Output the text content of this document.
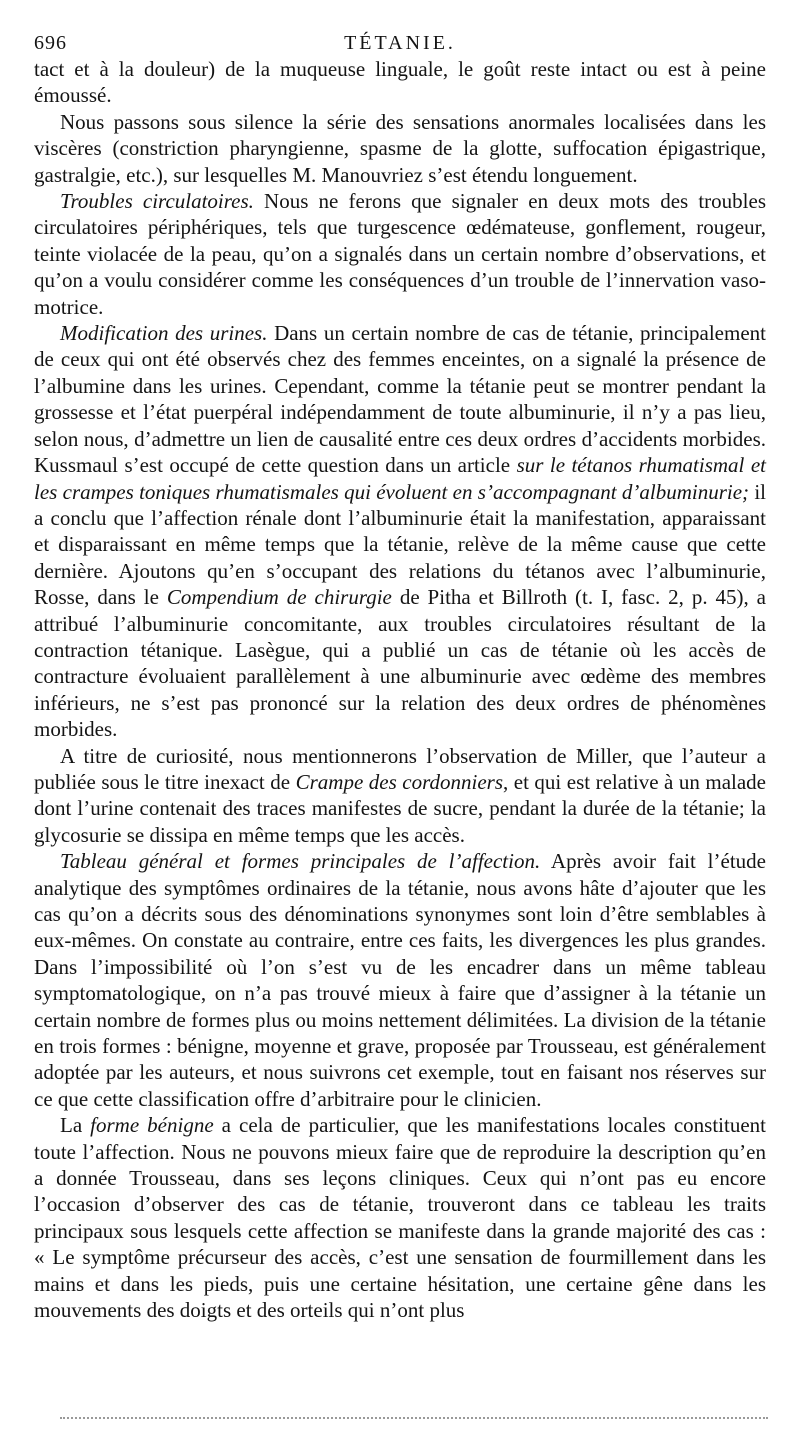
696	TÉTANIE.

tact et à la douleur) de la muqueuse linguale, le goût reste intact ou est à peine émoussé.

Nous passons sous silence la série des sensations anormales localisées dans les viscères (constriction pharyngienne, spasme de la glotte, suffocation épigastrique, gastralgie, etc.), sur lesquelles M. Manouvriez s’est étendu longuement.

Troubles circulatoires. Nous ne ferons que signaler en deux mots des troubles circulatoires périphériques, tels que turgescence œdémateuse, gonflement, rougeur, teinte violacée de la peau, qu’on a signalés dans un certain nombre d’observations, et qu’on a voulu considérer comme les conséquences d’un trouble de l’innervation vaso-motrice.

Modification des urines. Dans un certain nombre de cas de tétanie, principalement de ceux qui ont été observés chez des femmes enceintes, on a signalé la présence de l’albumine dans les urines. Cependant, comme la tétanie peut se montrer pendant la grossesse et l’état puerpéral indépendamment de toute albuminurie, il n’y a pas lieu, selon nous, d’admettre un lien de causalité entre ces deux ordres d’accidents morbides. Kussmaul s’est occupé de cette question dans un article sur le tétanos rhumatismal et les crampes toniques rhumatismales qui évoluent en s’accompagnant d’albuminurie; il a conclu que l’affection rénale dont l’albuminurie était la manifestation, apparaissant et disparaissant en même temps que la tétanie, relève de la même cause que cette dernière. Ajoutons qu’en s’occupant des relations du tétanos avec l’albuminurie, Rosse, dans le Compendium de chirurgie de Pitha et Billroth (t. I, fasc. 2, p. 45), a attribué l’albuminurie concomitante, aux troubles circulatoires résultant de la contraction tétanique. Lasègue, qui a publié un cas de tétanie où les accès de contracture évoluaient parallèlement à une albuminurie avec œdème des membres inférieurs, ne s’est pas prononcé sur la relation des deux ordres de phénomènes morbides.

A titre de curiosité, nous mentionnerons l’observation de Miller, que l’auteur a publiée sous le titre inexact de Crampe des cordonniers, et qui est relative à un malade dont l’urine contenait des traces manifestes de sucre, pendant la durée de la tétanie; la glycosurie se dissipa en même temps que les accès.

Tableau général et formes principales de l’affection. Après avoir fait l’étude analytique des symptômes ordinaires de la tétanie, nous avons hâte d’ajouter que les cas qu’on a décrits sous des dénominations synonymes sont loin d’être semblables à eux-mêmes. On constate au contraire, entre ces faits, les divergences les plus grandes. Dans l’impossibilité où l’on s’est vu de les encadrer dans un même tableau symptomatologique, on n’a pas trouvé mieux à faire que d’assigner à la tétanie un certain nombre de formes plus ou moins nettement délimitées. La division de la tétanie en trois formes : bénigne, moyenne et grave, proposée par Trousseau, est généralement adoptée par les auteurs, et nous suivrons cet exemple, tout en faisant nos réserves sur ce que cette classification offre d’arbitraire pour le clinicien.

La forme bénigne a cela de particulier, que les manifestations locales constituent toute l’affection. Nous ne pouvons mieux faire que de reproduire la description qu’en a donnée Trousseau, dans ses leçons cliniques. Ceux qui n’ont pas eu encore l’occasion d’observer des cas de tétanie, trouveront dans ce tableau les traits principaux sous lesquels cette affection se manifeste dans la grande majorité des cas : « Le symptôme précurseur des accès, c’est une sensation de fourmillement dans les mains et dans les pieds, puis une certaine hésitation, une certaine gêne dans les mouvements des doigts et des orteils qui n’ont plus
